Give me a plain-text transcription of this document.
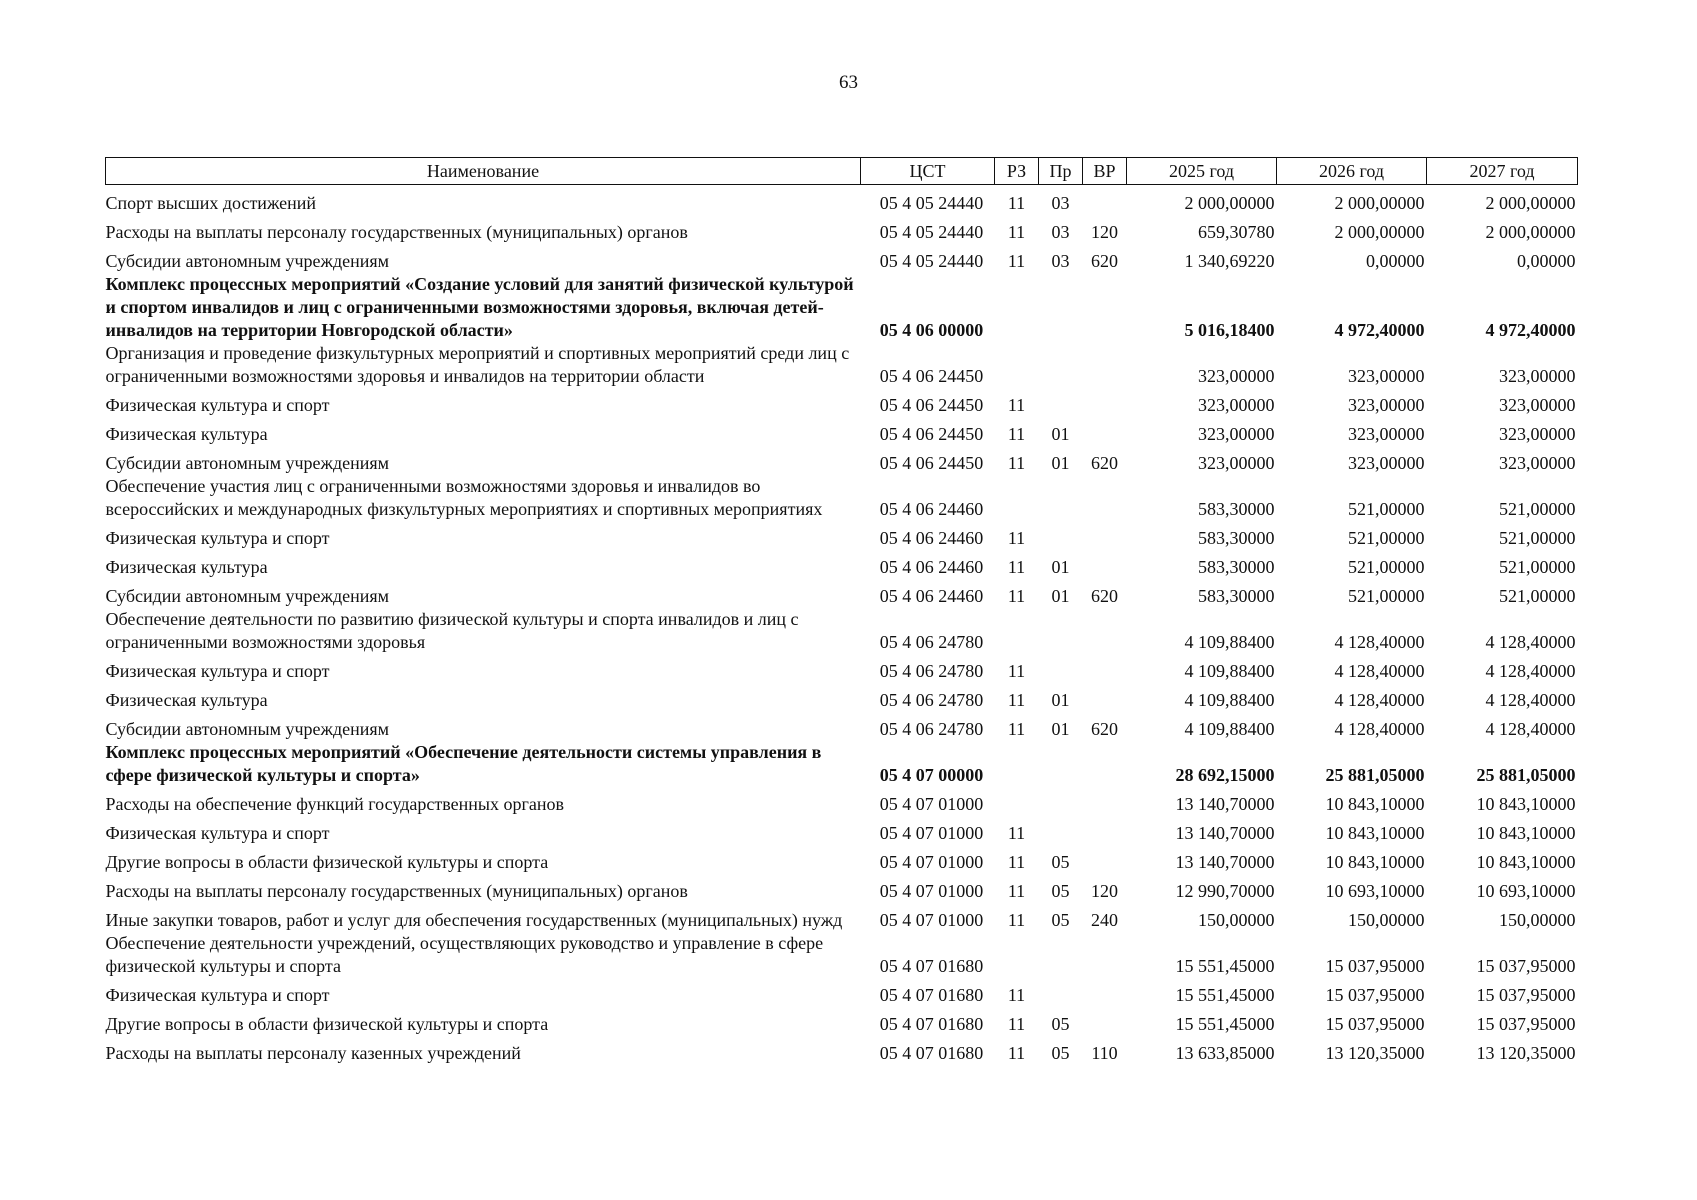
63
Наименование	ЦСТ	РЗ	Пр	ВР	2025 год	2026 год	2027 год
Спорт высших достижений	05 4 05 24440	11	03		2 000,00000	2 000,00000	2 000,00000
Расходы на выплаты персоналу государственных (муниципальных) органов	05 4 05 24440	11	03	120	659,30780	2 000,00000	2 000,00000
Субсидии автономным учреждениям	05 4 05 24440	11	03	620	1 340,69220	0,00000	0,00000
Комплекс процессных мероприятий «Создание условий для занятий физической культурой и спортом инвалидов и лиц с ограниченными возможностями здоровья, включая детей-инвалидов на территории Новгородской области»	05 4 06 00000				5 016,18400	4 972,40000	4 972,40000
Организация и проведение физкультурных мероприятий и спортивных мероприятий среди лиц с ограниченными возможностями здоровья и инвалидов на территории области	05 4 06 24450				323,00000	323,00000	323,00000
Физическая культура и спорт	05 4 06 24450	11			323,00000	323,00000	323,00000
Физическая культура	05 4 06 24450	11	01		323,00000	323,00000	323,00000
Субсидии автономным учреждениям	05 4 06 24450	11	01	620	323,00000	323,00000	323,00000
Обеспечение участия лиц с ограниченными возможностями здоровья и инвалидов во всероссийских и международных физкультурных мероприятиях и спортивных мероприятиях	05 4 06 24460				583,30000	521,00000	521,00000
Физическая культура и спорт	05 4 06 24460	11			583,30000	521,00000	521,00000
Физическая культура	05 4 06 24460	11	01		583,30000	521,00000	521,00000
Субсидии автономным учреждениям	05 4 06 24460	11	01	620	583,30000	521,00000	521,00000
Обеспечение деятельности по развитию физической культуры и спорта инвалидов и лиц с ограниченными возможностями здоровья	05 4 06 24780				4 109,88400	4 128,40000	4 128,40000
Физическая культура и спорт	05 4 06 24780	11			4 109,88400	4 128,40000	4 128,40000
Физическая культура	05 4 06 24780	11	01		4 109,88400	4 128,40000	4 128,40000
Субсидии автономным учреждениям	05 4 06 24780	11	01	620	4 109,88400	4 128,40000	4 128,40000
Комплекс процессных мероприятий «Обеспечение деятельности системы управления в сфере физической культуры и спорта»	05 4 07 00000				28 692,15000	25 881,05000	25 881,05000
Расходы на обеспечение функций государственных органов	05 4 07 01000				13 140,70000	10 843,10000	10 843,10000
Физическая культура и спорт	05 4 07 01000	11			13 140,70000	10 843,10000	10 843,10000
Другие вопросы в области физической культуры и спорта	05 4 07 01000	11	05		13 140,70000	10 843,10000	10 843,10000
Расходы на выплаты персоналу государственных (муниципальных) органов	05 4 07 01000	11	05	120	12 990,70000	10 693,10000	10 693,10000
Иные закупки товаров, работ и услуг для обеспечения государственных (муниципальных) нужд	05 4 07 01000	11	05	240	150,00000	150,00000	150,00000
Обеспечение деятельности учреждений, осуществляющих руководство и управление в сфере физической культуры и спорта	05 4 07 01680				15 551,45000	15 037,95000	15 037,95000
Физическая культура и спорт	05 4 07 01680	11			15 551,45000	15 037,95000	15 037,95000
Другие вопросы в области физической культуры и спорта	05 4 07 01680	11	05		15 551,45000	15 037,95000	15 037,95000
Расходы на выплаты персоналу казенных учреждений	05 4 07 01680	11	05	110	13 633,85000	13 120,35000	13 120,35000
